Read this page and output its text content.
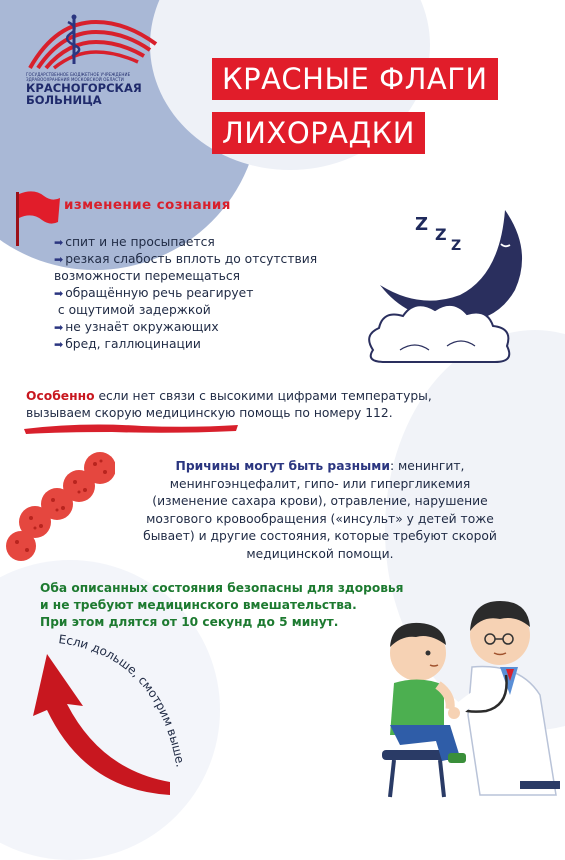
ГОСУДАРСТВЕННОЕ БЮДЖЕТНОЕ УЧРЕЖДЕНИЕ ЗДРАВООХРАНЕНИЯ МОСКОВСКОЙ ОБЛАСТИ
КРАСНОГОРСКАЯ
БОЛЬНИЦА
КРАСНЫЕ ФЛАГИ
ЛИХОРАДКИ
изменение сознания
➡ спит и не просыпается
➡ резкая слабость вплоть до отсутствия
возможности перемещаться
➡ обращённую речь реагирует
с ощутимой задержкой
➡ не узнаёт окружающих
➡ бред, галлюцинации
Z Z
Z
Особенно если нет связи с высокими цифрами температуры,
вызываем скорую медицинскую помощь по номеру 112.
Причины могут быть разными: менингит,
менингоэнцефалит, гипо- или гипергликемия
(изменение сахара крови), отравление, нарушение
мозгового кровообращения («инсульт» у детей тоже
бывает) и другие состояния, которые требуют скорой
медицинской помощи.
Оба описанных состояния безопасны для здоровья
и не требуют медицинского вмешательства.
При этом длятся от 10 секунд до 5 минут.
Если дольше, смотрим выше.
